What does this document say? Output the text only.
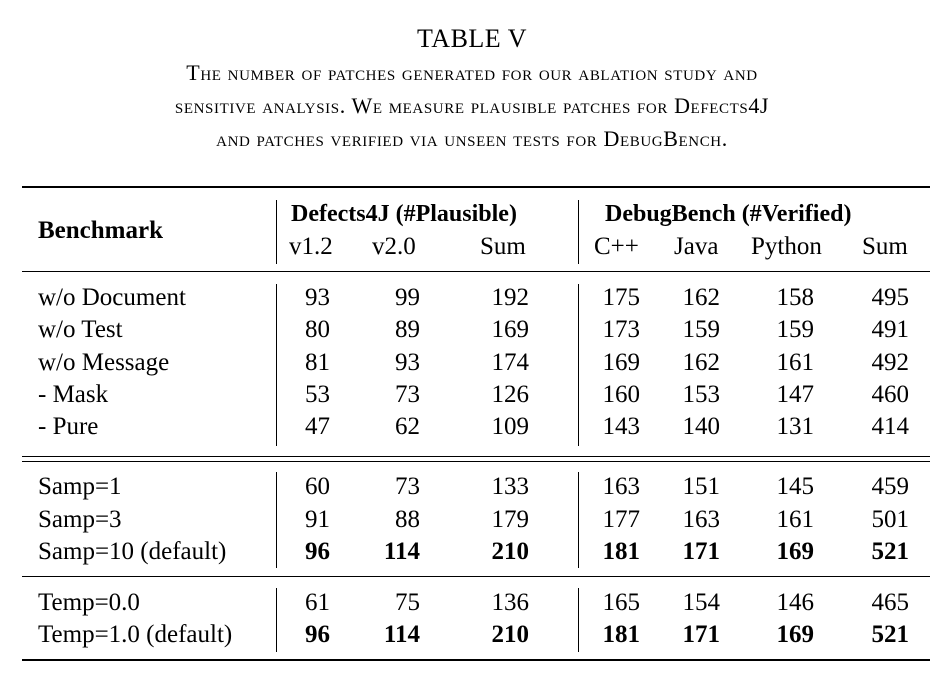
TABLE V
The number of patches generated for our ablation study and
sensitive analysis. We measure plausible patches for Defects4J
and patches verified via unseen tests for DebugBench.
Benchmark
Defects4J (#Plausible)	DebugBench (#Verified)
v1.2 v2.0	Sum	C++ Java Python Sum
w/o Document	93	99	192	175 162 158 495
w/o Test	80	89	169	173 159 159 491
w/o Message	81	93	174	169 162 161 492
- Mask	53	73	126	160 153 147 460
- Pure	47	62	109	143 140 131 414
Samp=1	60	73	133	163 151 145 459
Samp=3	91	88	179	177 163 161 501
Samp=10 (default)	96 114	210	181 171 169 521
Temp=0.0	61	75	136	165 154 146 465
Temp=1.0 (default)	96 114	210	181 171 169 521
